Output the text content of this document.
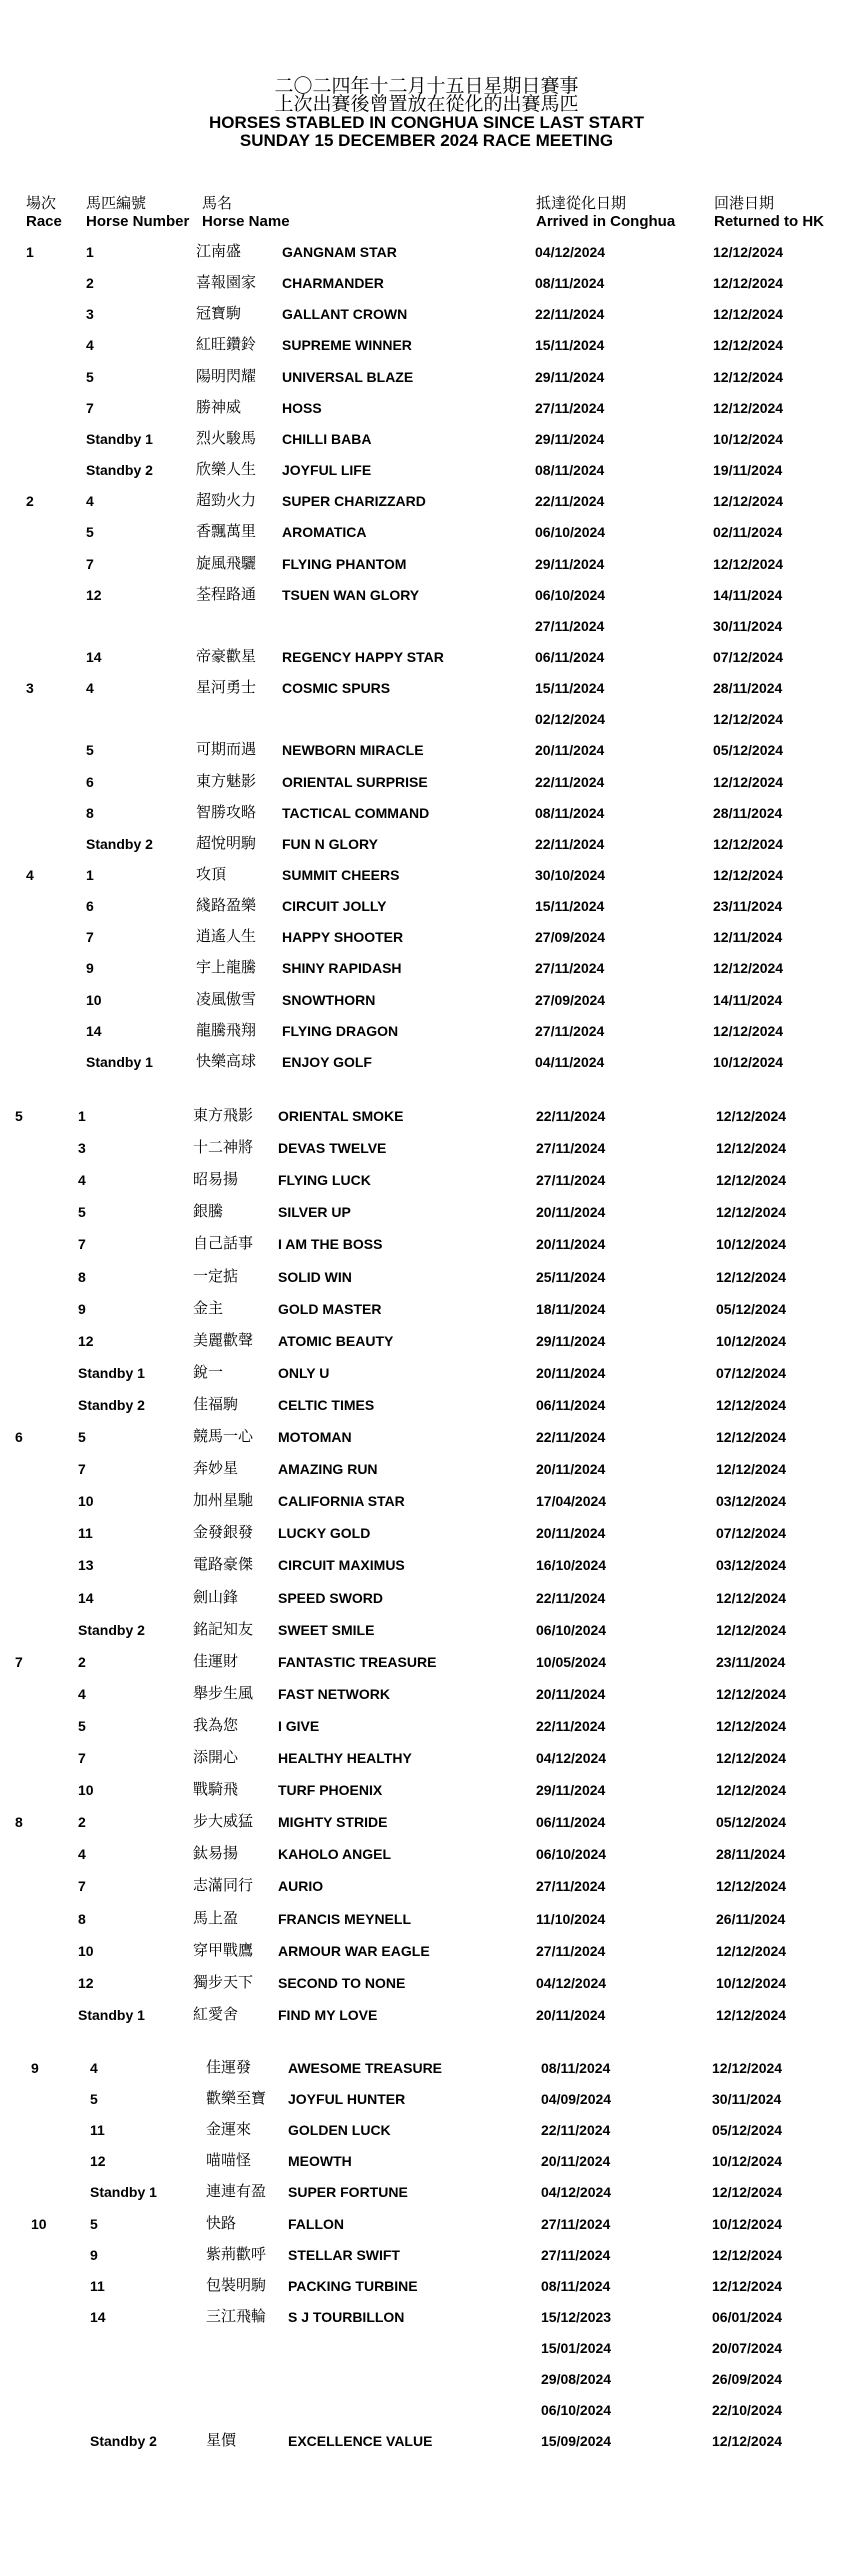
二〇二四年十二月十五日星期日賽事
上次出賽後曾置放在從化的出賽馬匹
HORSES STABLED IN CONGHUA SINCE LAST START
SUNDAY 15 DECEMBER 2024 RACE MEETING
場次
Race
馬匹編號
Horse Number
馬名
Horse Name
抵達從化日期
Arrived in Conghua
回港日期
Returned to HK
1	1	江南盛	GANGNAM STAR	04/12/2024	12/12/2024
2	喜報園家 CHARMANDER	08/11/2024	12/12/2024
3	冠寶駒	GALLANT CROWN	22/11/2024	12/12/2024
4	紅旺鑽鈴 SUPREME WINNER	15/11/2024	12/12/2024
5	陽明閃耀 UNIVERSAL BLAZE	29/11/2024	12/12/2024
7	勝神威	HOSS	27/11/2024	12/12/2024
Standby 1	烈火駿馬 CHILLI BABA	29/11/2024	10/12/2024
Standby 2	欣樂人生 JOYFUL LIFE	08/11/2024	19/11/2024
2	4	超勁火力 SUPER CHARIZZARD	22/11/2024	12/12/2024
5	香飄萬里 AROMATICA	06/10/2024	02/11/2024
7	旋風飛驪 FLYING PHANTOM	29/11/2024	12/12/2024
12	荃程路通 TSUEN WAN GLORY	06/10/2024	14/11/2024
27/11/2024	30/11/2024
14	帝豪歡星 REGENCY HAPPY STAR	06/11/2024	07/12/2024
3	4	星河勇士 COSMIC SPURS	15/11/2024	28/11/2024
02/12/2024	12/12/2024
5	可期而遇 NEWBORN MIRACLE	20/11/2024	05/12/2024
6	東方魅影 ORIENTAL SURPRISE	22/11/2024	12/12/2024
8	智勝攻略 TACTICAL COMMAND	08/11/2024	28/11/2024
Standby 2	超悅明駒 FUN N GLORY	22/11/2024	12/12/2024
4	1	攻頂	SUMMIT CHEERS	30/10/2024	12/12/2024
6	綫路盈樂 CIRCUIT JOLLY	15/11/2024	23/11/2024
7	逍遙人生 HAPPY SHOOTER	27/09/2024	12/11/2024
9	宇上龍騰 SHINY RAPIDASH	27/11/2024	12/12/2024
10	凌風傲雪 SNOWTHORN	27/09/2024	14/11/2024
14	龍騰飛翔 FLYING DRAGON	27/11/2024	12/12/2024
Standby 1	快樂高球 ENJOY GOLF	04/11/2024	10/12/2024
5	1	東方飛影 ORIENTAL SMOKE	22/11/2024	12/12/2024
3	十二神將 DEVAS TWELVE	27/11/2024	12/12/2024
4	昭易揚	FLYING LUCK	27/11/2024	12/12/2024
5	銀騰	SILVER UP	20/11/2024	12/12/2024
7	自己話事 I AM THE BOSS	20/11/2024	10/12/2024
8	一定掂	SOLID WIN	25/11/2024	12/12/2024
9	金主	GOLD MASTER	18/11/2024	05/12/2024
12	美麗歡聲 ATOMIC BEAUTY	29/11/2024	10/12/2024
Standby 1	銳一	ONLY U	20/11/2024	07/12/2024
Standby 2	佳福駒	CELTIC TIMES	06/11/2024	12/12/2024
6	5	競馬一心 MOTOMAN	22/11/2024	12/12/2024
7	奔妙星	AMAZING RUN	20/11/2024	12/12/2024
10	加州星馳 CALIFORNIA STAR	17/04/2024	03/12/2024
11	金發銀發 LUCKY GOLD	20/11/2024	07/12/2024
13	電路豪傑 CIRCUIT MAXIMUS	16/10/2024	03/12/2024
14	劍山鋒	SPEED SWORD	22/11/2024	12/12/2024
Standby 2	銘記知友 SWEET SMILE	06/10/2024	12/12/2024
7	2	佳運財	FANTASTIC TREASURE	10/05/2024	23/11/2024
4	舉步生風 FAST NETWORK	20/11/2024	12/12/2024
5	我為您	I GIVE	22/11/2024	12/12/2024
7	添開心	HEALTHY HEALTHY	04/12/2024	12/12/2024
10	戰騎飛	TURF PHOENIX	29/11/2024	12/12/2024
8	2	步大威猛 MIGHTY STRIDE	06/11/2024	05/12/2024
4	鈦易揚	KAHOLO ANGEL	06/10/2024	28/11/2024
7	志滿同行 AURIO	27/11/2024	12/12/2024
8	馬上盈	FRANCIS MEYNELL	11/10/2024	26/11/2024
10	穿甲戰鷹 ARMOUR WAR EAGLE	27/11/2024	12/12/2024
12	獨步天下 SECOND TO NONE	04/12/2024	10/12/2024
Standby 1	紅愛舍	FIND MY LOVE	20/11/2024	12/12/2024
9	4	佳運發	AWESOME TREASURE	08/11/2024	12/12/2024
5	歡樂至寶 JOYFUL HUNTER	04/09/2024	30/11/2024
11	金運來	GOLDEN LUCK	22/11/2024	05/12/2024
12	喵喵怪	MEOWTH	20/11/2024	10/12/2024
Standby 1	連連有盈 SUPER FORTUNE	04/12/2024	12/12/2024
10	5	快路	FALLON	27/11/2024	10/12/2024
9	紫荊歡呼 STELLAR SWIFT	27/11/2024	12/12/2024
11	包裝明駒 PACKING TURBINE	08/11/2024	12/12/2024
14	三江飛輪 S J TOURBILLON	15/12/2023	06/01/2024
15/01/2024	20/07/2024
29/08/2024	26/09/2024
06/10/2024	22/10/2024
Standby 2	星價	EXCELLENCE VALUE	15/09/2024	12/12/2024
